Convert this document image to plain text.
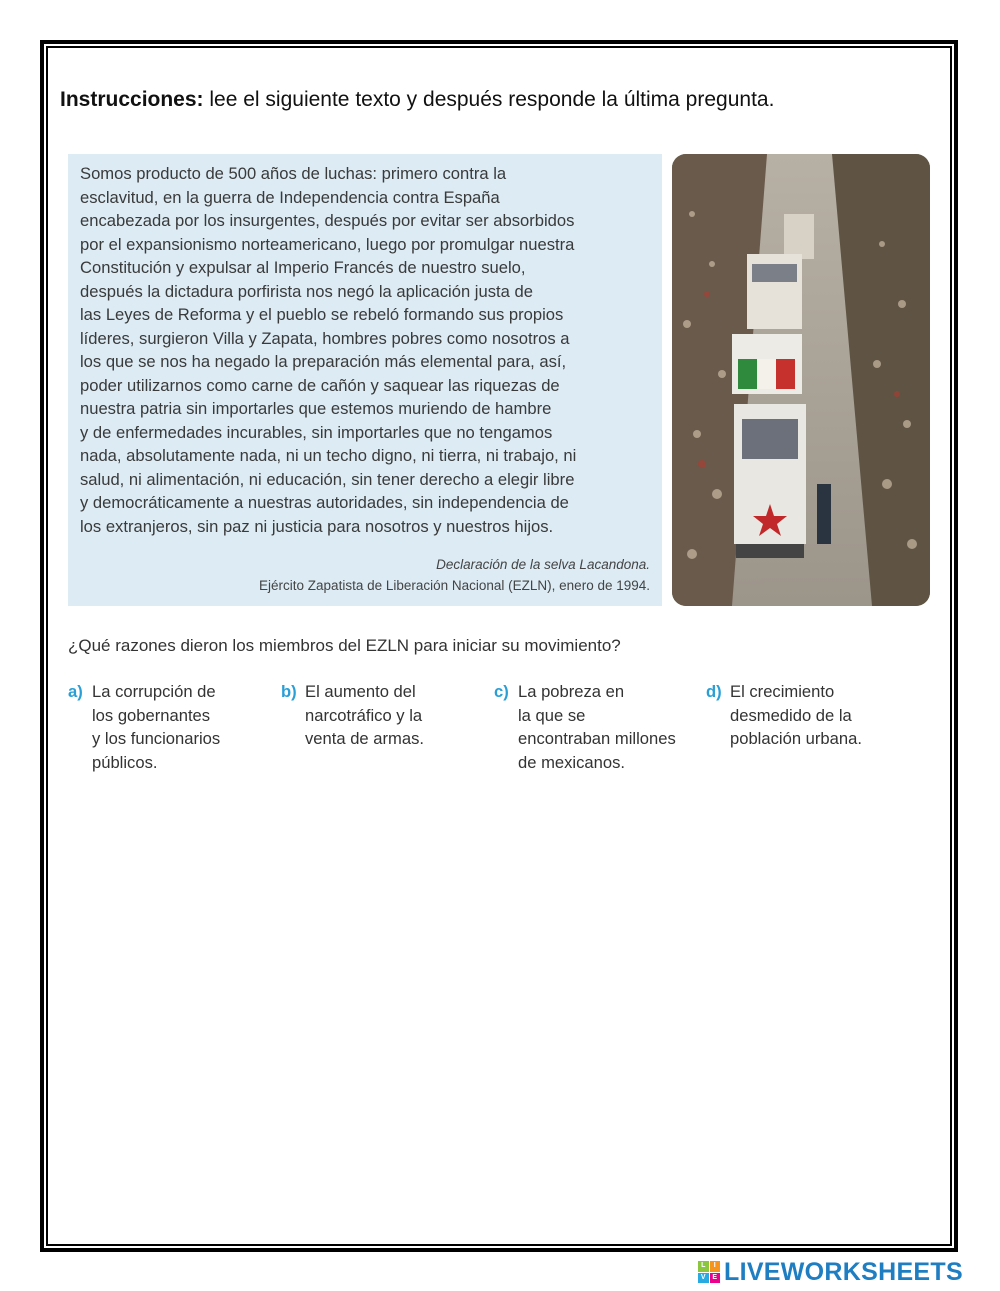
Instrucciones: lee el siguiente texto y después responde la última pregunta.

Somos producto de 500 años de luchas: primero contra la
esclavitud, en la guerra de Independencia contra España
encabezada por los insurgentes, después por evitar ser absorbidos
por el expansionismo norteamericano, luego por promulgar nuestra
Constitución y expulsar al Imperio Francés de nuestro suelo,
después la dictadura porfirista nos negó la aplicación justa de
las Leyes de Reforma y el pueblo se rebeló formando sus propios
líderes, surgieron Villa y Zapata, hombres pobres como nosotros a
los que se nos ha negado la preparación más elemental para, así,
poder utilizarnos como carne de cañón y saquear las riquezas de
nuestra patria sin importarles que estemos muriendo de hambre
y de enfermedades incurables, sin importarles que no tengamos
nada, absolutamente nada, ni un techo digno, ni tierra, ni trabajo, ni
salud, ni alimentación, ni educación, sin tener derecho a elegir libre
y democráticamente a nuestras autoridades, sin independencia de
los extranjeros, sin paz ni justicia para nosotros y nuestros hijos.

Declaración de la selva Lacandona.
Ejército Zapatista de Liberación Nacional (EZLN), enero de 1994.
¿Qué razones dieron los miembros del EZLN para iniciar su movimiento?
a) La corrupción de
los gobernantes
y los funcionarios
públicos.
b) El aumento del
narcotráfico y la
venta de armas.
c) La pobreza en
la que se
encontraban millones
de mexicanos.
d) El crecimiento
desmedido de la
población urbana.
L	I
V E LIVEWORKSHEETS
